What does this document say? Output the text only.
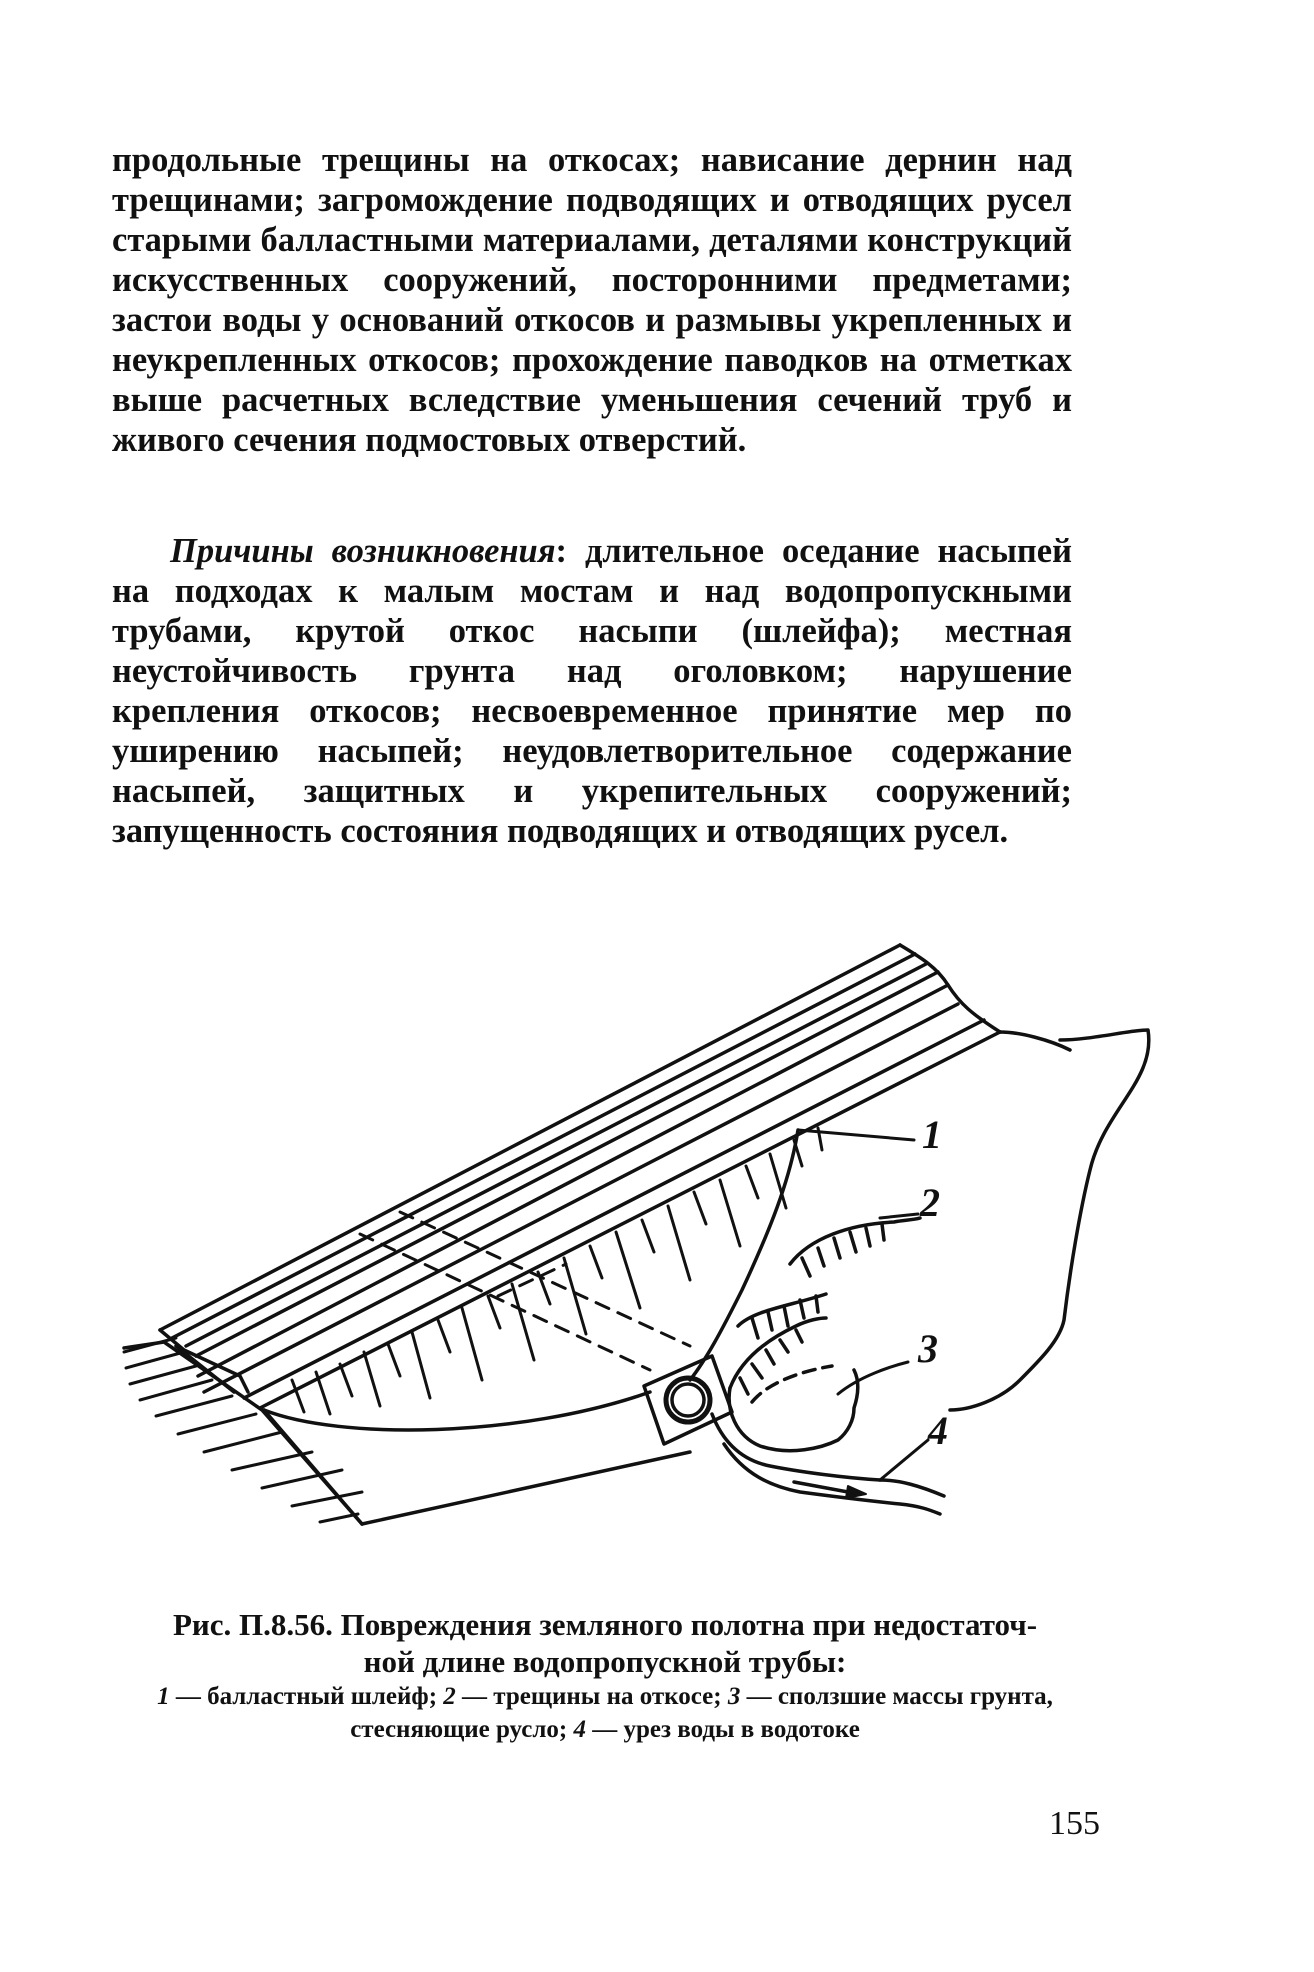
продольные трещины на откосах; нависание дернин над трещинами; загромождение подводящих и отводящих русел старыми балластными материалами, деталями конструкций искусственных сооружений, посторонними предметами; застои воды у оснований откосов и размывы укрепленных и неукрепленных откосов; прохождение паводков на отметках выше расчетных вследствие уменьшения сечений труб и живого сечения подмостовых отверстий.

Причины возникновения: длительное оседание насыпей на подходах к малым мостам и над водопропускными трубами, крутой откос насыпи (шлейфа); местная неустойчивость грунта над оголовком; нарушение крепления откосов; несвоевременное принятие мер по уширению насыпей; неудовлетворительное содержание насыпей, защитных и укрепительных сооружений; запущенность состояния подводящих и отводящих русел.

1
2
3
4

Рис. П.8.56. Повреждения земляного полотна при недостаточ-
ной длине водопропускной трубы:

1 — балластный шлейф; 2 — трещины на откосе; 3 — сползшие массы грунта, стесняющие русло; 4 — урез воды в водотоке

155
